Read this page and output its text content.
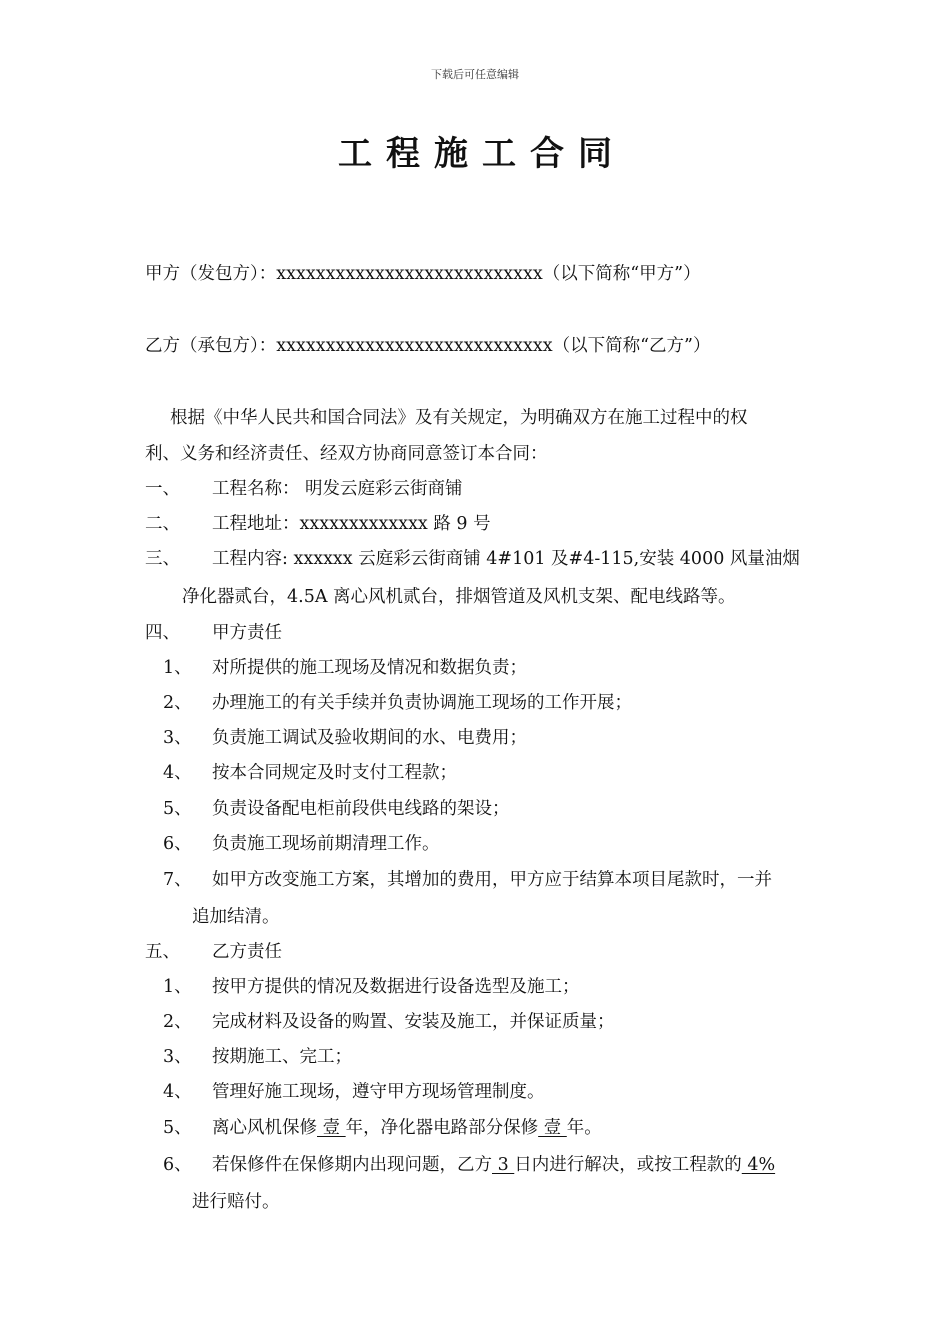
下载后可任意编辑
工程施工合同
甲方（发包方）：xxxxxxxxxxxxxxxxxxxxxxxxxxx（以下简称“甲方”）
乙方（承包方）：xxxxxxxxxxxxxxxxxxxxxxxxxxxx（以下简称“乙方”）
根据《中华人民共和国合同法》及有关规定，为明确双方在施工过程中的权
利、义务和经济责任、经双方协商同意签订本合同：
一、 工程名称： 明发云庭彩云街商铺
二、 工程地址：xxxxxxxxxxxxx 路 9 号
三、 工程内容: xxxxxx 云庭彩云街商铺 4#101 及#4-115,安装 4000 风量油烟
净化器贰台，4.5A 离心风机贰台，排烟管道及风机支架、配电线路等。
四、 甲方责任
1、 对所提供的施工现场及情况和数据负责；
2、 办理施工的有关手续并负责协调施工现场的工作开展；
3、 负责施工调试及验收期间的水、电费用；
4、 按本合同规定及时支付工程款；
5、 负责设备配电柜前段供电线路的架设；
6、 负责施工现场前期清理工作。
7、 如甲方改变施工方案，其增加的费用，甲方应于结算本项目尾款时，一并
追加结清。
五、 乙方责任
1、 按甲方提供的情况及数据进行设备选型及施工；
2、 完成材料及设备的购置、安装及施工，并保证质量；
3、 按期施工、完工；
4、 管理好施工现场，遵守甲方现场管理制度。
5、 离心风机保修 壹 年，净化器电路部分保修 壹 年。
6、 若保修件在保修期内出现问题，乙方 3 日内进行解决，或按工程款的 4%
进行赔付。
